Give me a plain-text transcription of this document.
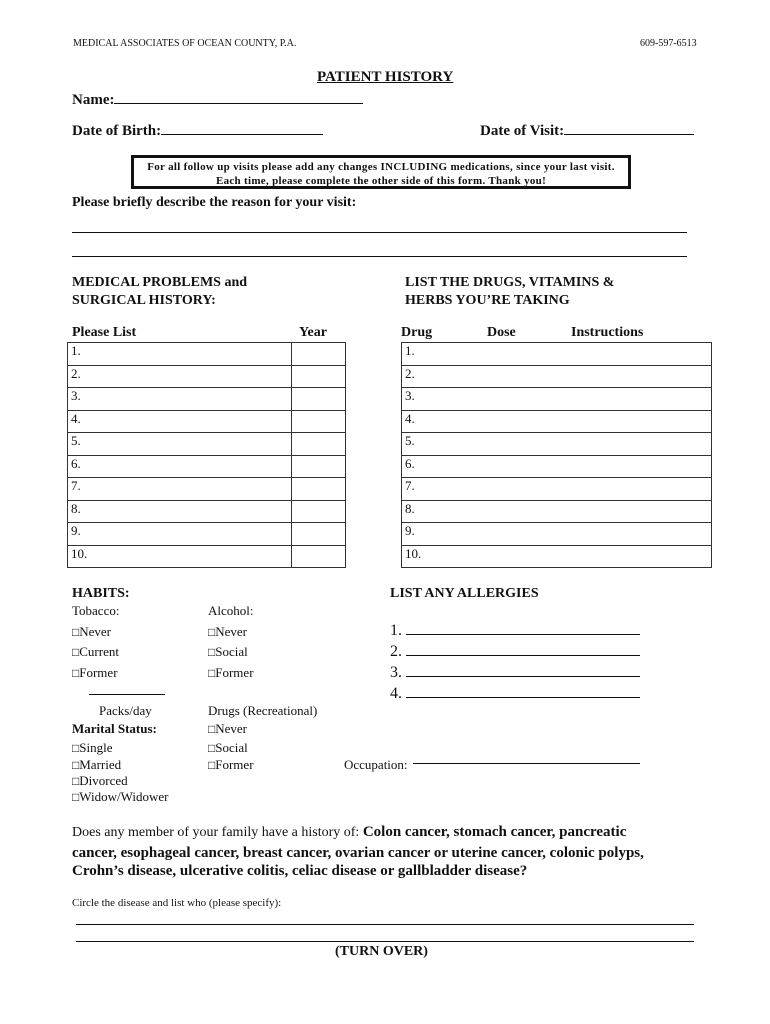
MEDICAL ASSOCIATES OF OCEAN COUNTY, P.A.	609-597-6513
PATIENT HISTORY
Name:
Date of Birth:	Date of Visit:
For all follow up visits please add any changes INCLUDING medications, since your last visit.
Each time, please complete the other side of this form. Thank you!
Please briefly describe the reason for your visit:
MEDICAL PROBLEMS and
SURGICAL HISTORY:
Please List	Year
1.	
2.	
3.	
4.	
5.	
6.	
7.	
8.	
9.	
10.	
LIST THE DRUGS, VITAMINS &
HERBS YOU’RE TAKING
Drug	Dose	Instructions
1.
2.
3.
4.
5.
6.
7.
8.
9.
10.
HABITS:
Tobacco:
□ Never
□ Current
□ Former
Packs/day
Alcohol:
□ Never
□ Social
□ Former
Drugs (Recreational)
□ Never
□ Social
□ Former
Marital Status:
□ Single
□ Married
□ Divorced
□ Widow/Widower
LIST ANY ALLERGIES
1.
2.
3.
4.
Occupation:
Does any member of your family have a history of: Colon cancer, stomach cancer, pancreatic
cancer, esophageal cancer, breast cancer, ovarian cancer or uterine cancer, colonic polyps,
Crohn’s disease, ulcerative colitis, celiac disease or gallbladder disease?
Circle the disease and list who (please specify):
(TURN OVER)
